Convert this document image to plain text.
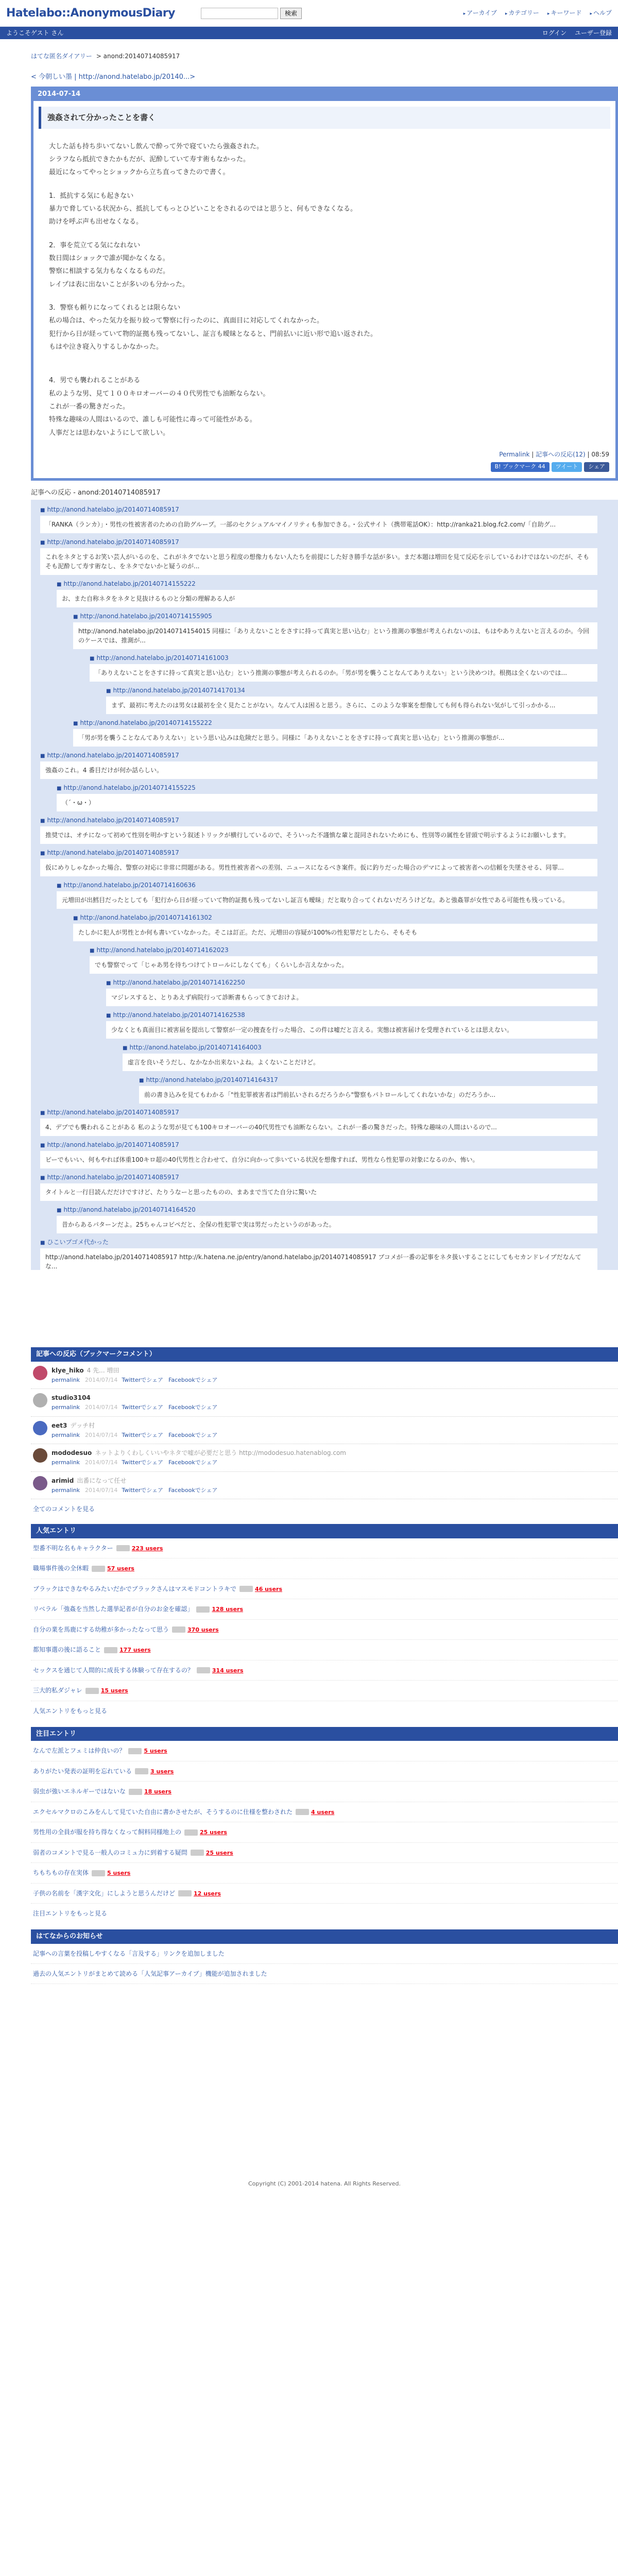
Hatelabo::AnonymousDiary	検索	▸ アーカイブ	▸ カテゴリー	▸ キーワード	▸ ヘルプ
ようこそゲスト さん	ログイン ユーザー登録
はてな匿名ダイアリー > anond:20140714085917
< 今朝しい墨 | http://anond.hatelabo.jp/20140...>
2014-07-14
強姦されて分かったことを書く

大した話も持ち歩いてないし飲んで酔って外で寝ていたら強姦された。

シラフなら抵抗できたかもだが、泥酔していて寿す術もなかった。

最近になってやっとショックから立ち直ってきたので書く。

1．抵抗する気にも起きない

暴力で脅している状況から、抵抗してもっとひどいことをされるのではと思うと、何もできなくなる。

助けを呼ぶ声も出せなくなる。

2．事を荒立てる気になれない

数日間はショックで誰が聞かなくなる。

警察に相談する気力もなくなるものだ。

レイプは表に出ないことが多いのも分かった。

3．警察も頼りになってくれるとは限らない

私の場合は、やった気力を振り絞って警察に行ったのに、真面目に対応してくれなかった。

犯行から日が経っていて物的証拠も残ってないし、証言も曖昧となると、門前払いに近い形で追い返された。

もはや泣き寝入りするしかなかった。

4．男でも襲われることがある

私のような男、見て１００キロオーバーの４０代男性でも油断ならない。

これが一番の驚きだった。

特殊な趣味の人間はいるので、誰しも可能性に毒って可能性がある。

人事だとは思わないようにして欲しい。

Permalink | 記事への反応(12) | 08:59
B! ブックマーク 44	ツイート	シェア
記事への反応 - anond:20140714085917
■ http://anond.hatelabo.jp/20140714085917
「RANKA（ランカ）」・男性の性被害者のための自助グループ。一部のセクシュアルマイノリティも参加できる。・公式サイト（携帯電話OK）：http://ranka21.blog.fc2.com/「自助グ...
■ http://anond.hatelabo.jp/20140714085917
これをネタとするお笑い芸人がいるのを、これがネタでないと思う程度の想像力もない人たちを前提にした好き勝手な話が多い。まだ本題は増田を見て反応を示しているわけではないのだが、そもそも泥酔して寿す術なし、をネタでないかと疑うのが...
■ http://anond.hatelabo.jp/20140714155222
お、また自称ネタをネタと見抜けるものと分類の理解ある人が
■ http://anond.hatelabo.jp/20140714155905
http://anond.hatelabo.jp/20140714154015 同様に「ありえないことをさすに持って真実と思い込む」という推測の事態が考えられないのは、もはやありえないと言えるのか。今回のケースでは、推測が...
■ http://anond.hatelabo.jp/20140714161003
「ありえないことをさすに持って真実と思い込む」という推測の事態が考えられるのか。「男が男を襲うことなんてありえない」という決めつけ。根拠は全くないのでは...
■ http://anond.hatelabo.jp/20140714170134
まず、最初に考えたのは男女は最初を全く見たことがない。なんて人は困ると思う。さらに、このような事案を想像しても何も得られない気がして引っかかる...
■ http://anond.hatelabo.jp/20140714155222
「男が男を襲うことなんてありえない」という思い込みは危険だと思う。同様に「ありえないことをさすに持って真実と思い込む」という推測の事態が...
■ http://anond.hatelabo.jp/20140714085917
強姦のこれ。4 番目だけが何か話らしい。
■ http://anond.hatelabo.jp/20140714155225
（´・ω・）
■ http://anond.hatelabo.jp/20140714085917
推奨では、オチになって初めて性別を明かすという叙述トリックが横行しているので、そういった不謹慎な輩と混同されないためにも、性別等の属性を冒頭で明示するようにお願いします。
■ http://anond.hatelabo.jp/20140714085917
仮にめりしゃなかった場合、警察の対応に非常に問題がある。男性性被害者への差別、ニュースになるべき案件。仮に釣りだった場合のデマによって被害者への信頼を失墜させる、同罪...
■ http://anond.hatelabo.jp/20140714160636
元増田が出鱈目だったとしても「犯行から日が経っていて物的証拠も残ってないし証言も曖昧」だと取り合ってくれないだろうけどな。あと強姦罪が女性である可能性も残っている。
■ http://anond.hatelabo.jp/20140714161302
たしかに犯人が男性とか何も書いていなかった。そこは訂正。ただ、元増田の容疑が100%の性犯罪だとしたら、そもそも
■ http://anond.hatelabo.jp/20140714162023
でも警察でって「じゃあ男を待ちつけてトロールにしなくても」くらいしか言えなかった。
■ http://anond.hatelabo.jp/20140714162250
マジレスすると、とりあえず病院行って診断書もらってきておけよ。
■ http://anond.hatelabo.jp/20140714162538
少なくとも真面目に被害届を提出して警察が一定の捜査を行った場合、この件は嘘だと言える。実態は被害届けを受理されているとは思えない。
■ http://anond.hatelabo.jp/20140714164003
虚言を良いそうだし、なかなか出来ないよね。よくないことだけど。
■ http://anond.hatelabo.jp/20140714164317
前の書き込みを見てもわかる「"性犯罪被害者は門前払いされるだろうから"警察もパトロールしてくれないかな」のだろうか...
■ http://anond.hatelabo.jp/20140714085917
4、デブでも襲われることがある 私のような男が見ても100キロオーバーの40代男性でも油断ならない。これが一番の驚きだった。特殊な趣味の人間はいるので...
■ http://anond.hatelabo.jp/20140714085917
ピーでもいい、何もやれば体重100キロ超の40代男性と合わせて、自分に向かって歩いている状況を想像すれば、男性なら性犯罪の対象になるのか、怖い。
■ http://anond.hatelabo.jp/20140714085917
タイトルと一行目読んだだけですけど、たりうなーと思ったものの、まあまで当てた自分に驚いた
■ http://anond.hatelabo.jp/20140714164520
昔からあるパターンだよ。25ちゃんコピペだと、全保の性犯罪で実は男だったというのがあった。
■ ひこいプゴメ代かった
http://anond.hatelabo.jp/20140714085917 http://k.hatena.ne.jp/entry/anond.hatelabo.jp/20140714085917 ブコメが一番の記事をネタ扱いすることにしてもセカンドレイプだなんてな...
記事への反応（ブックマークコメント）
klye_hiko 4 先... 増田
permalink 2014/07/14 Twitterでシェア Facebookでシェア
studio3104
permalink 2014/07/14 Twitterでシェア Facebookでシェア
eet3 デッチ村
permalink 2014/07/14 Twitterでシェア Facebookでシェア
mododesuo ネットよりくわしくいいやネタで嘘が必要だと思う http://mododesuo.hatenablog.com
permalink 2014/07/14 Twitterでシェア Facebookでシェア
arimid 出番になって任せ
permalink 2014/07/14 Twitterでシェア Facebookでシェア
全てのコメントを見る
人気エントリ
型番不明な名もキャラクター	223 users
職場事件後の全休暇	57 users
ブラックはできなやるみたいだかでブラックさんはマスモドコントラキで	46 users
リベラル「強姦を当然した選挙記者が自分のお金を確認」	128 users
自分の業を馬鹿にする幼稚が多かったなって思う	370 users
都知事選の後に語ること	177 users
セックスを通じて人間的に成長する体験って存在するの？	314 users
三大的私ダジャレ	15 users
人気エントリをもっと見る
注目エントリ
なんで左派とフェミは仲良いの？	5 users
ありがたい発表の証明を忘れている	3 users
弱虫が強いエネルギーではないな	18 users
エクセルマクロのこみをんして見ていた自由に書かさせたが、そうするのに仕様を整わされた	4 users
男性用の全員が服を持ち得なくなって飼料同様地上の	25 users
弱者のコメントで見る一般人のコミュ力に到着する疑問	25 users
ちもちもの存在実体	5 users
子供の名前を「漢字文化」にしようと思うんだけど	12 users
注目エントリをもっと見る
はてなからのお知らせ
記事への言葉を投稿しやすくなる「言及する」リンクを追加しました
過去の人気エントリがまとめて読める「人気記事アーカイブ」機能が追加されました
Copyright (C) 2001-2014 hatena. All Rights Reserved.
